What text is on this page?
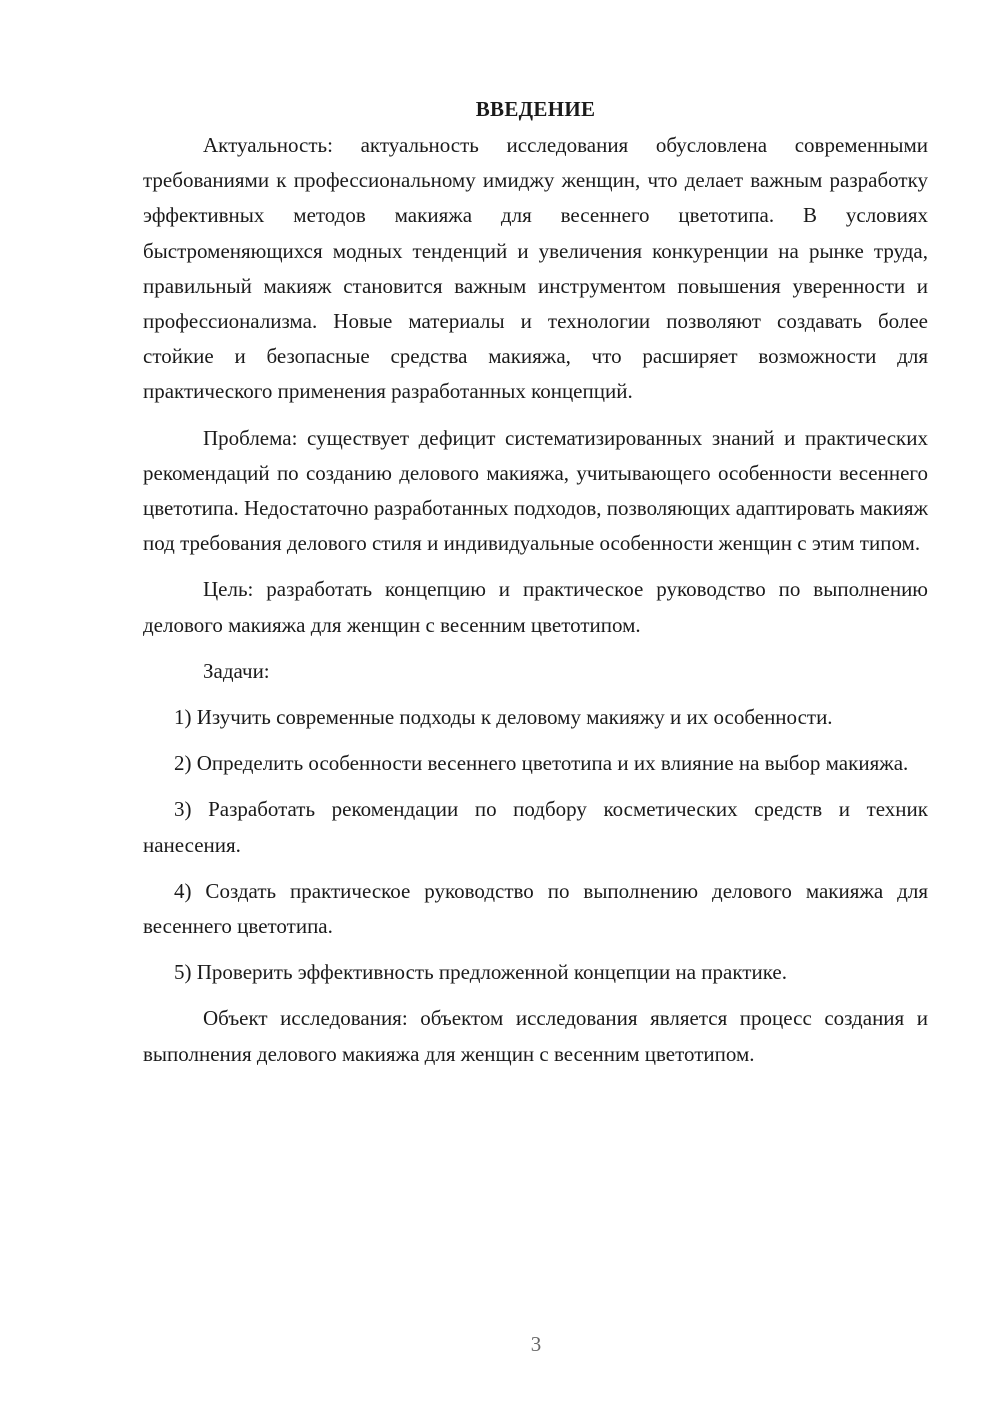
ВВЕДЕНИЕ

Актуальность: актуальность исследования обусловлена современными требованиями к профессиональному имиджу женщин, что делает важным разработку эффективных методов макияжа для весеннего цветотипа. В условиях быстроменяющихся модных тенденций и увеличения конкуренции на рынке труда, правильный макияж становится важным инструментом повышения уверенности и профессионализма. Новые материалы и технологии позволяют создавать более стойкие и безопасные средства макияжа, что расширяет возможности для практического применения разработанных концепций.

Проблема: существует дефицит систематизированных знаний и практических рекомендаций по созданию делового макияжа, учитывающего особенности весеннего цветотипа. Недостаточно разработанных подходов, позволяющих адаптировать макияж под требования делового стиля и индивидуальные особенности женщин с этим типом.

Цель: разработать концепцию и практическое руководство по выполнению делового макияжа для женщин с весенним цветотипом.

Задачи:

1) Изучить современные подходы к деловому макияжу и их особенности.

2) Определить особенности весеннего цветотипа и их влияние на выбор макияжа.

3) Разработать рекомендации по подбору косметических средств и техник нанесения.

4) Создать практическое руководство по выполнению делового макияжа для весеннего цветотипа.

5) Проверить эффективность предложенной концепции на практике.

Объект исследования: объектом исследования является процесс создания и выполнения делового макияжа для женщин с весенним цветотипом.

3
